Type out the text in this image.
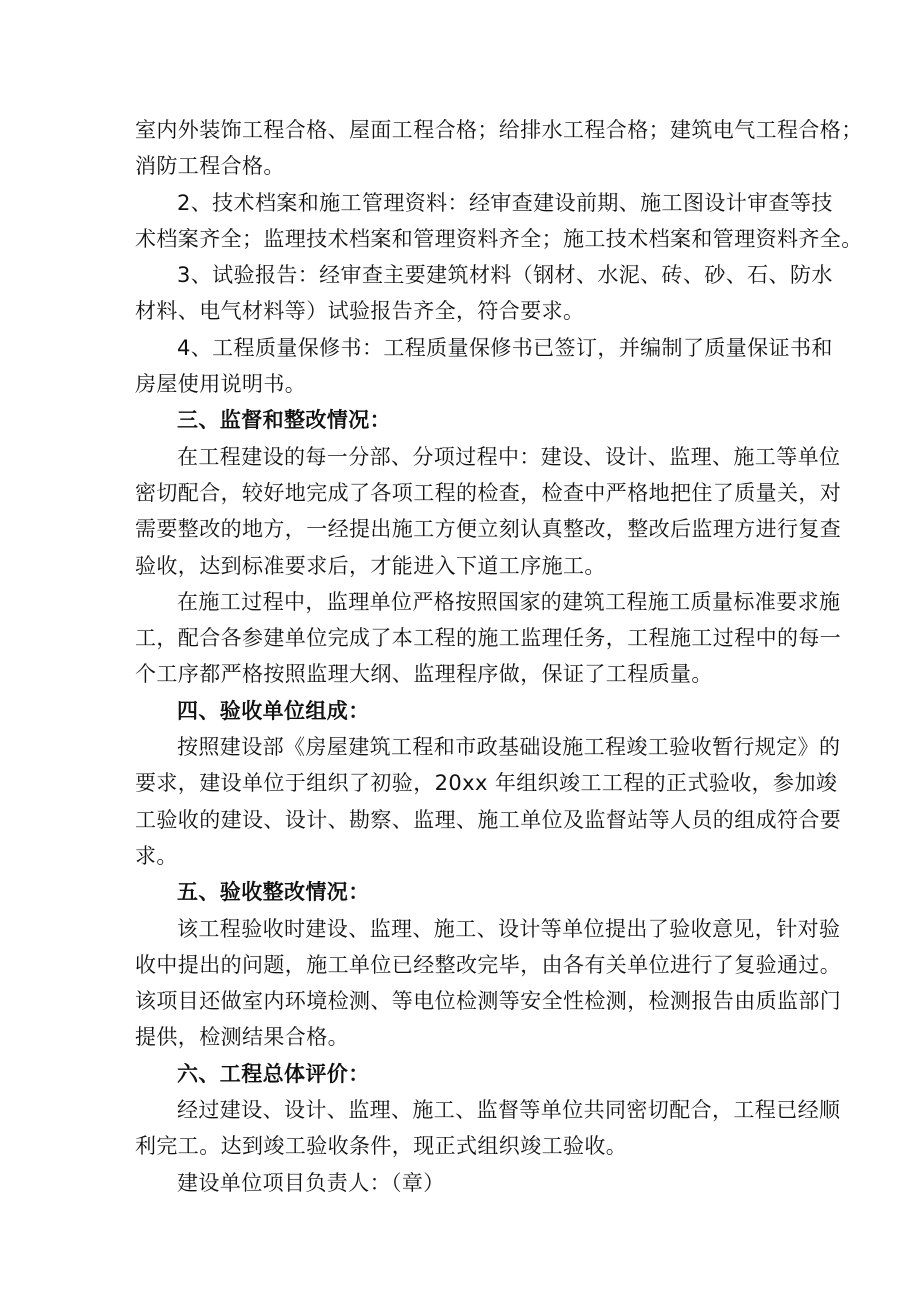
室内外装饰工程合格、屋面工程合格；给排水工程合格；建筑电气工程合格；
消防工程合格。
2、技术档案和施工管理资料：经审查建设前期、施工图设计审查等技
术档案齐全；监理技术档案和管理资料齐全；施工技术档案和管理资料齐全。
3、试验报告：经审查主要建筑材料（钢材、水泥、砖、砂、石、防水
材料、电气材料等）试验报告齐全，符合要求。
4、工程质量保修书：工程质量保修书已签订，并编制了质量保证书和
房屋使用说明书。
三、监督和整改情况：
在工程建设的每一分部、分项过程中：建设、设计、监理、施工等单位
密切配合，较好地完成了各项工程的检查，检查中严格地把住了质量关，对
需要整改的地方，一经提出施工方便立刻认真整改，整改后监理方进行复查
验收，达到标准要求后，才能进入下道工序施工。
在施工过程中，监理单位严格按照国家的建筑工程施工质量标准要求施
工，配合各参建单位完成了本工程的施工监理任务，工程施工过程中的每一
个工序都严格按照监理大纲、监理程序做，保证了工程质量。
四、验收单位组成：
按照建设部《房屋建筑工程和市政基础设施工程竣工验收暂行规定》的
要求，建设单位于组织了初验，20xx 年组织竣工工程的正式验收，参加竣
工验收的建设、设计、勘察、监理、施工单位及监督站等人员的组成符合要
求。
五、验收整改情况：
该工程验收时建设、监理、施工、设计等单位提出了验收意见，针对验
收中提出的问题，施工单位已经整改完毕，由各有关单位进行了复验通过。
该项目还做室内环境检测、等电位检测等安全性检测，检测报告由质监部门
提供，检测结果合格。
六、工程总体评价：
经过建设、设计、监理、施工、监督等单位共同密切配合，工程已经顺
利完工。达到竣工验收条件，现正式组织竣工验收。
建设单位项目负责人：（章）
